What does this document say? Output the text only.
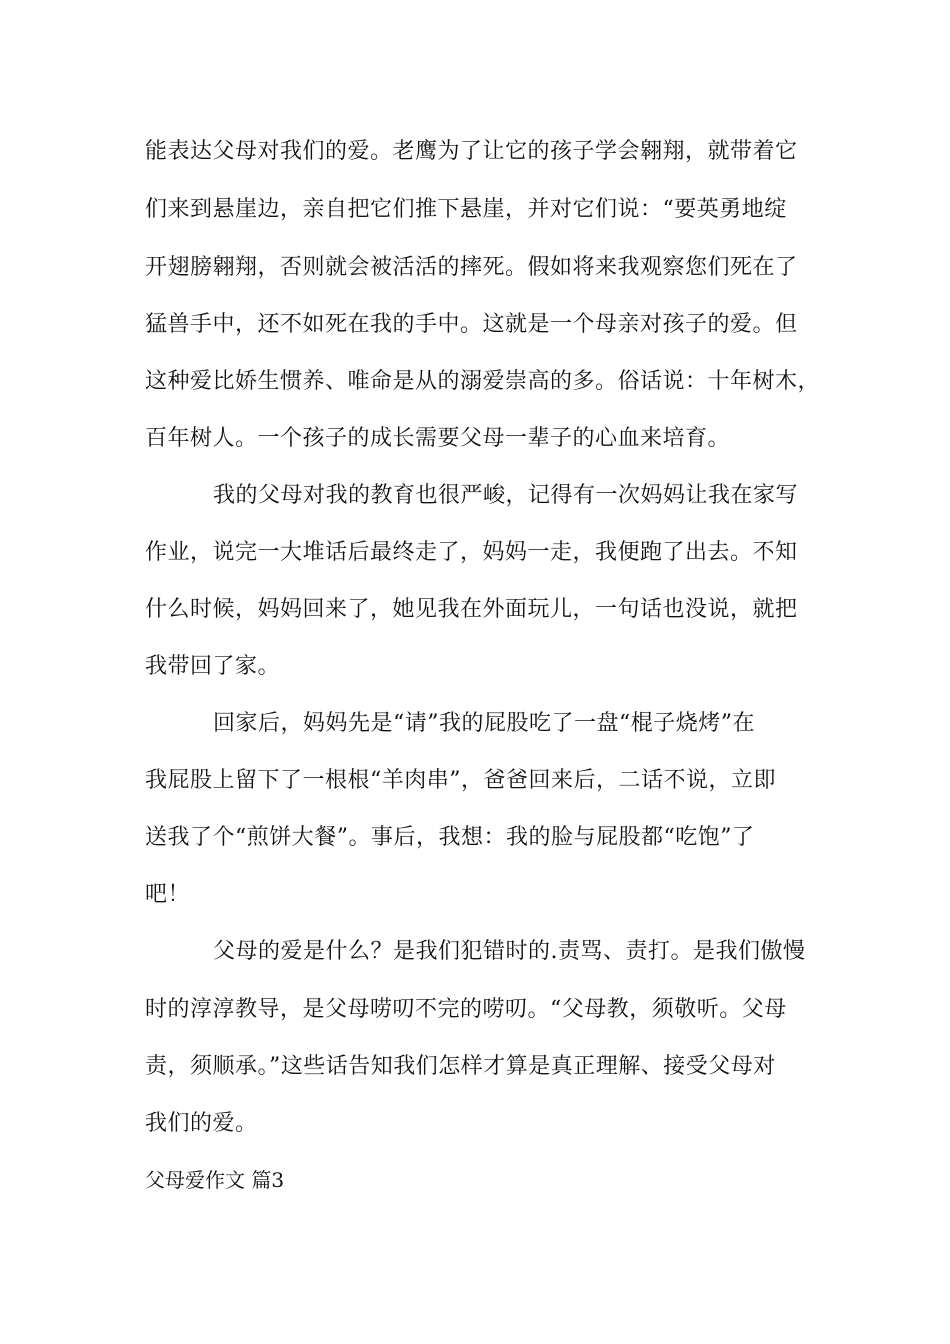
能表达父母对我们的爱。老鹰为了让它的孩子学会翱翔，就带着它
们来到悬崖边，亲自把它们推下悬崖，并对它们说：“要英勇地绽
开翅膀翱翔，否则就会被活活的摔死。假如将来我观察您们死在了
猛兽手中，还不如死在我的手中。这就是一个母亲对孩子的爱。但
这种爱比娇生惯养、唯命是从的溺爱崇高的多。俗话说：十年树木，
百年树人。一个孩子的成长需要父母一辈子的心血来培育。
我的父母对我的教育也很严峻，记得有一次妈妈让我在家写
作业，说完一大堆话后最终走了，妈妈一走，我便跑了出去。不知
什么时候，妈妈回来了，她见我在外面玩儿，一句话也没说，就把
我带回了家。
回家后，妈妈先是“请”我的屁股吃了一盘“棍子烧烤”在
我屁股上留下了一根根“羊肉串”，爸爸回来后，二话不说，立即
送我了个“煎饼大餐”。事后，我想：我的脸与屁股都“吃饱”了
吧！
父母的爱是什么？是我们犯错时的.责骂、责打。是我们傲慢
时的淳淳教导，是父母唠叨不完的唠叨。“父母教，须敬听。父母
责，须顺承。”这些话告知我们怎样才算是真正理解、接受父母对
我们的爱。
父母爱作文 篇3
